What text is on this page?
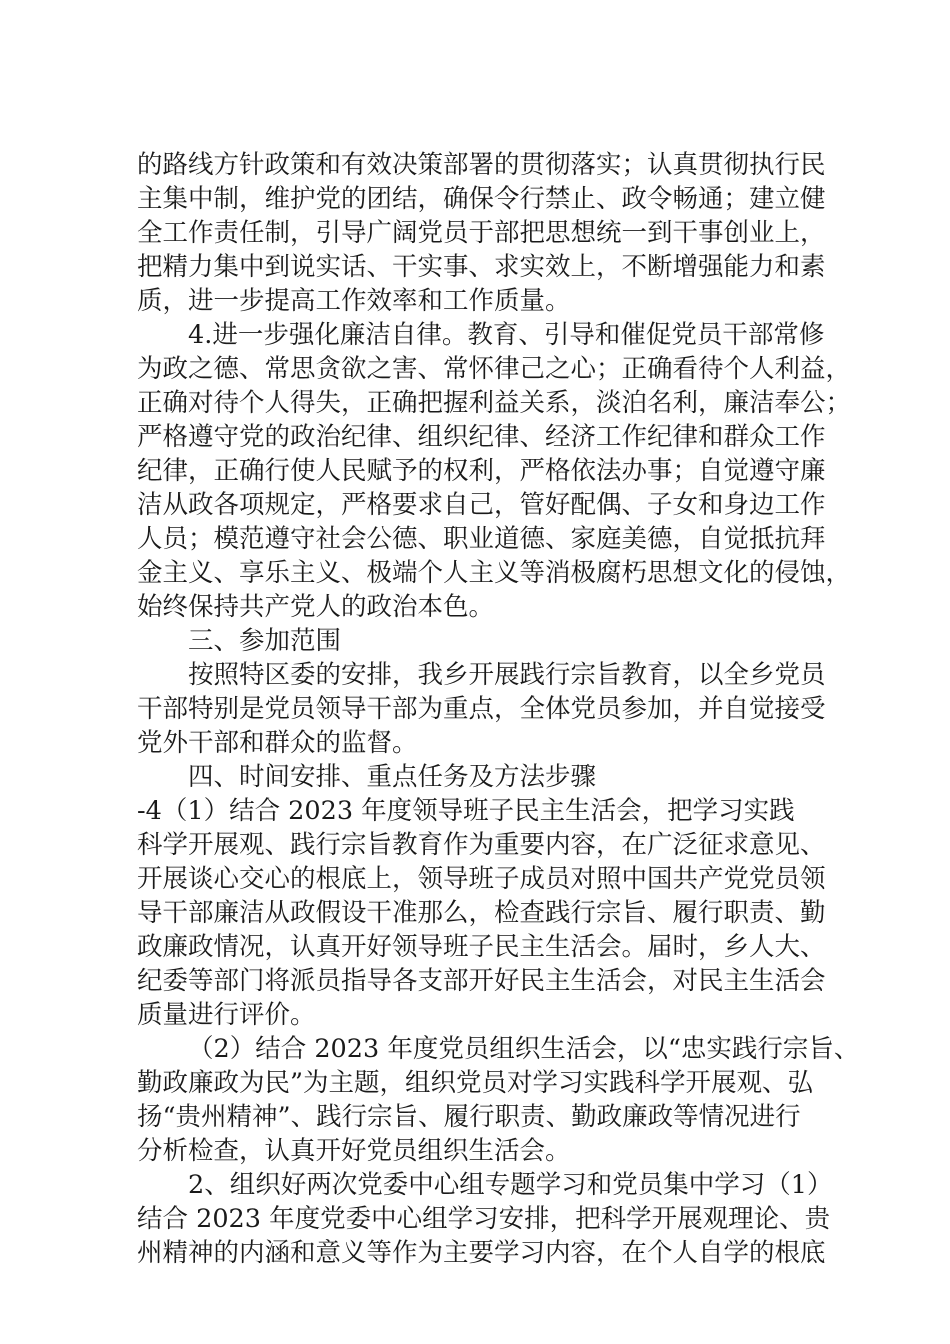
的路线方针政策和有效决策部署的贯彻落实；认真贯彻执行民
主集中制，维护党的团结，确保令行禁止、政令畅通；建立健
全工作责任制，引导广阔党员于部把思想统一到干事创业上，
把精力集中到说实话、干实事、求实效上，不断增强能力和素
质，进一步提高工作效率和工作质量。
4.进一步强化廉洁自律。教育、引导和催促党员干部常修
为政之德、常思贪欲之害、常怀律己之心；正确看待个人利益，
正确对待个人得失，正确把握利益关系，淡泊名利，廉洁奉公；
严格遵守党的政治纪律、组织纪律、经济工作纪律和群众工作
纪律，正确行使人民赋予的权利，严格依法办事；自觉遵守廉
洁从政各项规定，严格要求自己，管好配偶、子女和身边工作
人员；模范遵守社会公德、职业道德、家庭美德，自觉抵抗拜
金主义、享乐主义、极端个人主义等消极腐朽思想文化的侵蚀，
始终保持共产党人的政治本色。
三、参加范围
按照特区委的安排，我乡开展践行宗旨教育，以全乡党员
干部特别是党员领导干部为重点，全体党员参加，并自觉接受
党外干部和群众的监督。
四、时间安排、重点任务及方法步骤
-4（1）结合 2023 年度领导班子民主生活会，把学习实践
科学开展观、践行宗旨教育作为重要内容，在广泛征求意见、
开展谈心交心的根底上，领导班子成员对照中国共产党党员领
导干部廉洁从政假设干准那么，检查践行宗旨、履行职责、勤
政廉政情况，认真开好领导班子民主生活会。届时，乡人大、
纪委等部门将派员指导各支部开好民主生活会，对民主生活会
质量进行评价。
（2）结合 2023 年度党员组织生活会，以“忠实践行宗旨、
勤政廉政为民”为主题，组织党员对学习实践科学开展观、弘
扬“贵州精神”、践行宗旨、履行职责、勤政廉政等情况进行
分析检查，认真开好党员组织生活会。
2、组织好两次党委中心组专题学习和党员集中学习（1）
结合 2023 年度党委中心组学习安排，把科学开展观理论、贵
州精神的内涵和意义等作为主要学习内容，在个人自学的根底
